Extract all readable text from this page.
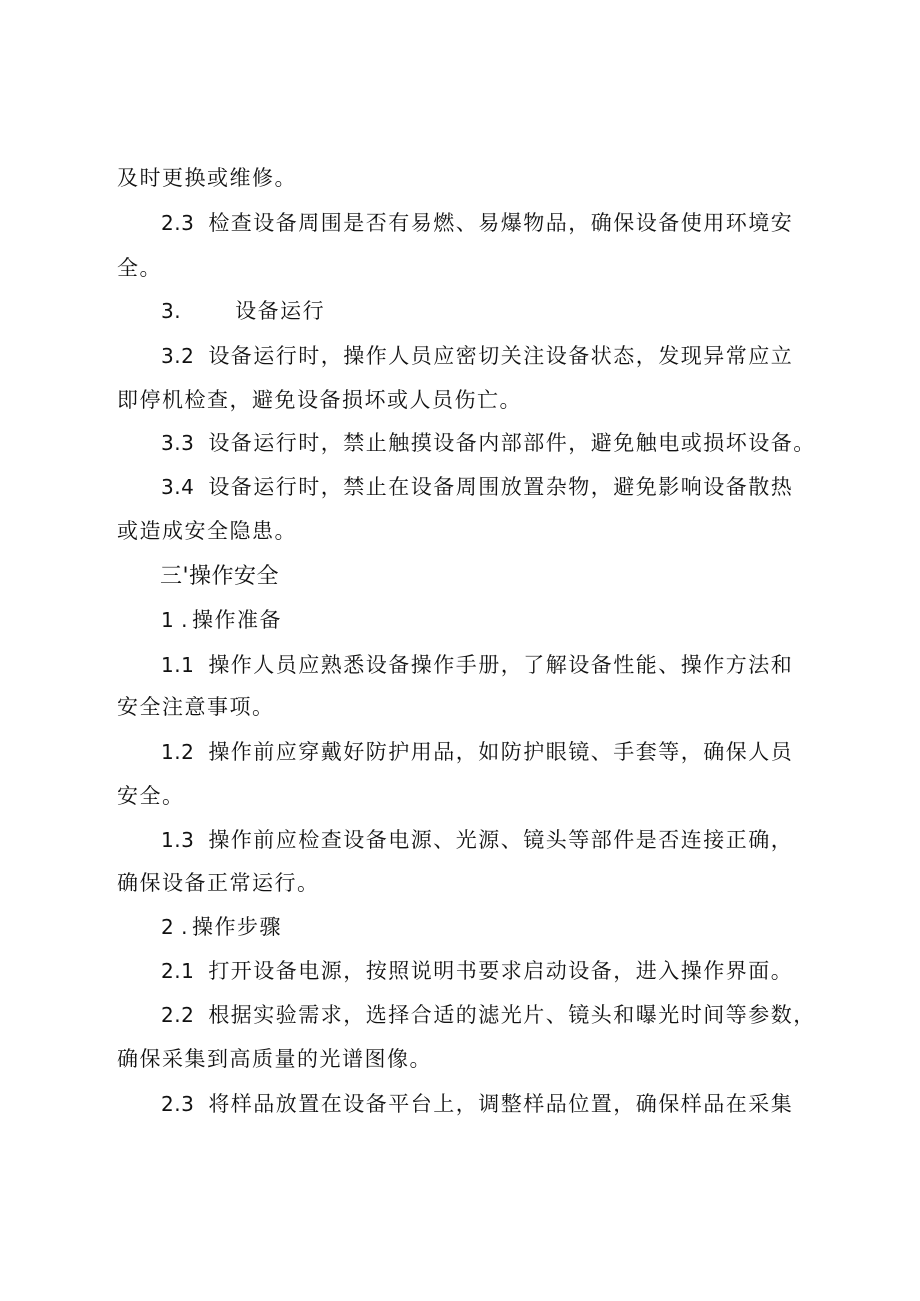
及时更换或维修。
2.3 检查设备周围是否有易燃、易爆物品，确保设备使用环境安
全。
3.	设备运行
3.2 设备运行时，操作人员应密切关注设备状态，发现异常应立
即停机检查，避免设备损坏或人员伤亡。
3.3 设备运行时，禁止触摸设备内部部件，避免触电或损坏设备。
3.4 设备运行时，禁止在设备周围放置杂物，避免影响设备散热
或造成安全隐患。
三'操作安全
1 . 操作准备
1.1 操作人员应熟悉设备操作手册，了解设备性能、操作方法和
安全注意事项。
1.2 操作前应穿戴好防护用品，如防护眼镜、手套等，确保人员
安全。
1.3 操作前应检查设备电源、光源、镜头等部件是否连接正确，
确保设备正常运行。
2 . 操作步骤
2.1 打开设备电源，按照说明书要求启动设备，进入操作界面。
2.2 根据实验需求，选择合适的滤光片、镜头和曝光时间等参数，
确保采集到高质量的光谱图像。
2.3 将样品放置在设备平台上，调整样品位置，确保样品在采集
